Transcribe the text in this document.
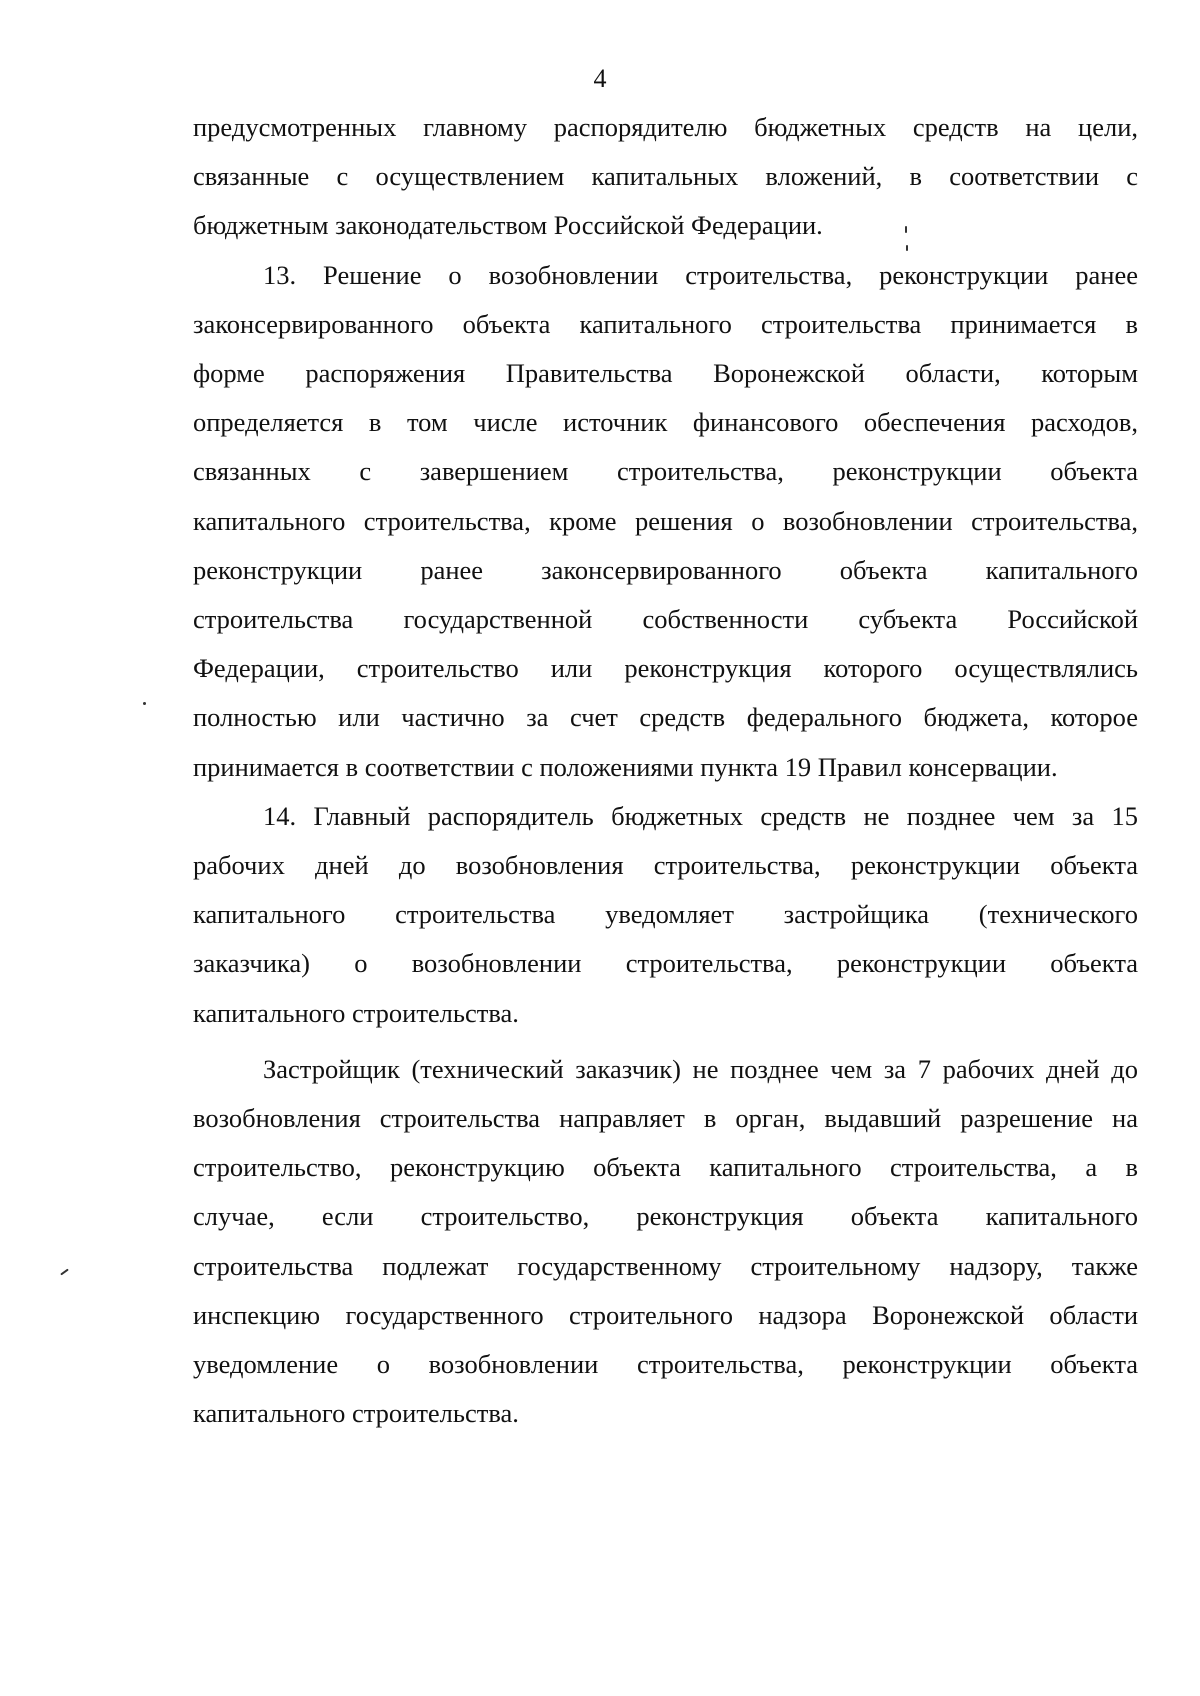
4
предусмотренных главному распорядителю бюджетных средств на цели,
связанные с осуществлением капитальных вложений, в соответствии с
бюджетным законодательством Российской Федерации.
13. Решение о возобновлении строительства, реконструкции ранее
законсервированного объекта капитального строительства принимается в
форме распоряжения Правительства Воронежской области, которым
определяется в том числе источник финансового обеспечения расходов,
связанных с завершением строительства, реконструкции объекта
капитального строительства, кроме решения о возобновлении строительства,
реконструкции ранее законсервированного объекта капитального
строительства государственной собственности субъекта Российской
Федерации, строительство или реконструкция которого осуществлялись
полностью или частично за счет средств федерального бюджета, которое
принимается в соответствии с положениями пункта 19 Правил консервации.
14. Главный распорядитель бюджетных средств не позднее чем за 15
рабочих дней до возобновления строительства, реконструкции объекта
капитального строительства уведомляет застройщика (технического
заказчика) о возобновлении строительства, реконструкции объекта
капитального строительства.
Застройщик (технический заказчик) не позднее чем за 7 рабочих дней до
возобновления строительства направляет в орган, выдавший разрешение на
строительство, реконструкцию объекта капитального строительства, а в
случае, если строительство, реконструкция объекта капитального
строительства подлежат государственному строительному надзору, также
инспекцию государственного строительного надзора Воронежской области
уведомление о возобновлении строительства, реконструкции объекта
капитального строительства.
